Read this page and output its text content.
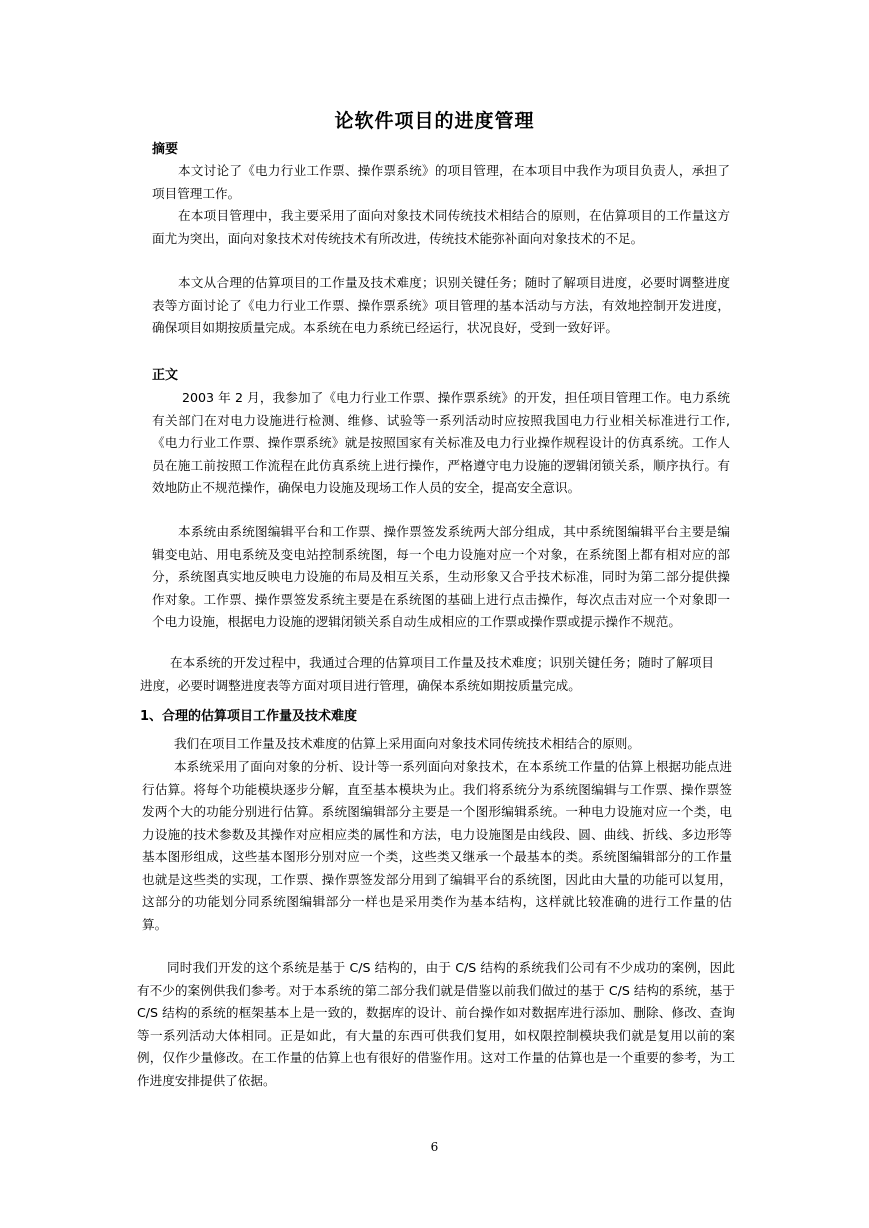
论软件项目的进度管理
摘要
本文讨论了《电力行业工作票、操作票系统》的项目管理，在本项目中我作为项目负责人，承担了项目管理工作。
在本项目管理中，我主要采用了面向对象技术同传统技术相结合的原则，在估算项目的工作量这方面尤为突出，面向对象技术对传统技术有所改进，传统技术能弥补面向对象技术的不足。
本文从合理的估算项目的工作量及技术难度；识别关键任务；随时了解项目进度，必要时调整进度表等方面讨论了《电力行业工作票、操作票系统》项目管理的基本活动与方法，有效地控制开发进度，确保项目如期按质量完成。本系统在电力系统已经运行，状况良好，受到一致好评。
正文
2003 年 2 月，我参加了《电力行业工作票、操作票系统》的开发，担任项目管理工作。电力系统有关部门在对电力设施进行检测、维修、试验等一系列活动时应按照我国电力行业相关标准进行工作,《电力行业工作票、操作票系统》就是按照国家有关标准及电力行业操作规程设计的仿真系统。工作人员在施工前按照工作流程在此仿真系统上进行操作，严格遵守电力设施的逻辑闭锁关系，顺序执行。有效地防止不规范操作，确保电力设施及现场工作人员的安全，提高安全意识。
本系统由系统图编辑平台和工作票、操作票签发系统两大部分组成，其中系统图编辑平台主要是编辑变电站、用电系统及变电站控制系统图，每一个电力设施对应一个对象，在系统图上都有相对应的部分，系统图真实地反映电力设施的布局及相互关系，生动形象又合乎技术标准，同时为第二部分提供操作对象。工作票、操作票签发系统主要是在系统图的基础上进行点击操作，每次点击对应一个对象即一个电力设施，根据电力设施的逻辑闭锁关系自动生成相应的工作票或操作票或提示操作不规范。
在本系统的开发过程中，我通过合理的估算项目工作量及技术难度；识别关键任务；随时了解项目进度，必要时调整进度表等方面对项目进行管理，确保本系统如期按质量完成。
1、合理的估算项目工作量及技术难度
我们在项目工作量及技术难度的估算上采用面向对象技术同传统技术相结合的原则。
本系统采用了面向对象的分析、设计等一系列面向对象技术，在本系统工作量的估算上根据功能点进行估算。将每个功能模块逐步分解，直至基本模块为止。我们将系统分为系统图编辑与工作票、操作票签发两个大的功能分别进行估算。系统图编辑部分主要是一个图形编辑系统。一种电力设施对应一个类，电力设施的技术参数及其操作对应相应类的属性和方法，电力设施图是由线段、圆、曲线、折线、多边形等基本图形组成，这些基本图形分别对应一个类，这些类又继承一个最基本的类。系统图编辑部分的工作量也就是这些类的实现，工作票、操作票签发部分用到了编辑平台的系统图，因此由大量的功能可以复用，这部分的功能划分同系统图编辑部分一样也是采用类作为基本结构，这样就比较准确的进行工作量的估算。
同时我们开发的这个系统是基于 C/S 结构的，由于 C/S 结构的系统我们公司有不少成功的案例，因此有不少的案例供我们参考。对于本系统的第二部分我们就是借鉴以前我们做过的基于 C/S 结构的系统，基于 C/S 结构的系统的框架基本上是一致的，数据库的设计、前台操作如对数据库进行添加、删除、修改、查询等一系列活动大体相同。正是如此，有大量的东西可供我们复用，如权限控制模块我们就是复用以前的案例，仅作少量修改。在工作量的估算上也有很好的借鉴作用。这对工作量的估算也是一个重要的参考，为工作进度安排提供了依据。
6
